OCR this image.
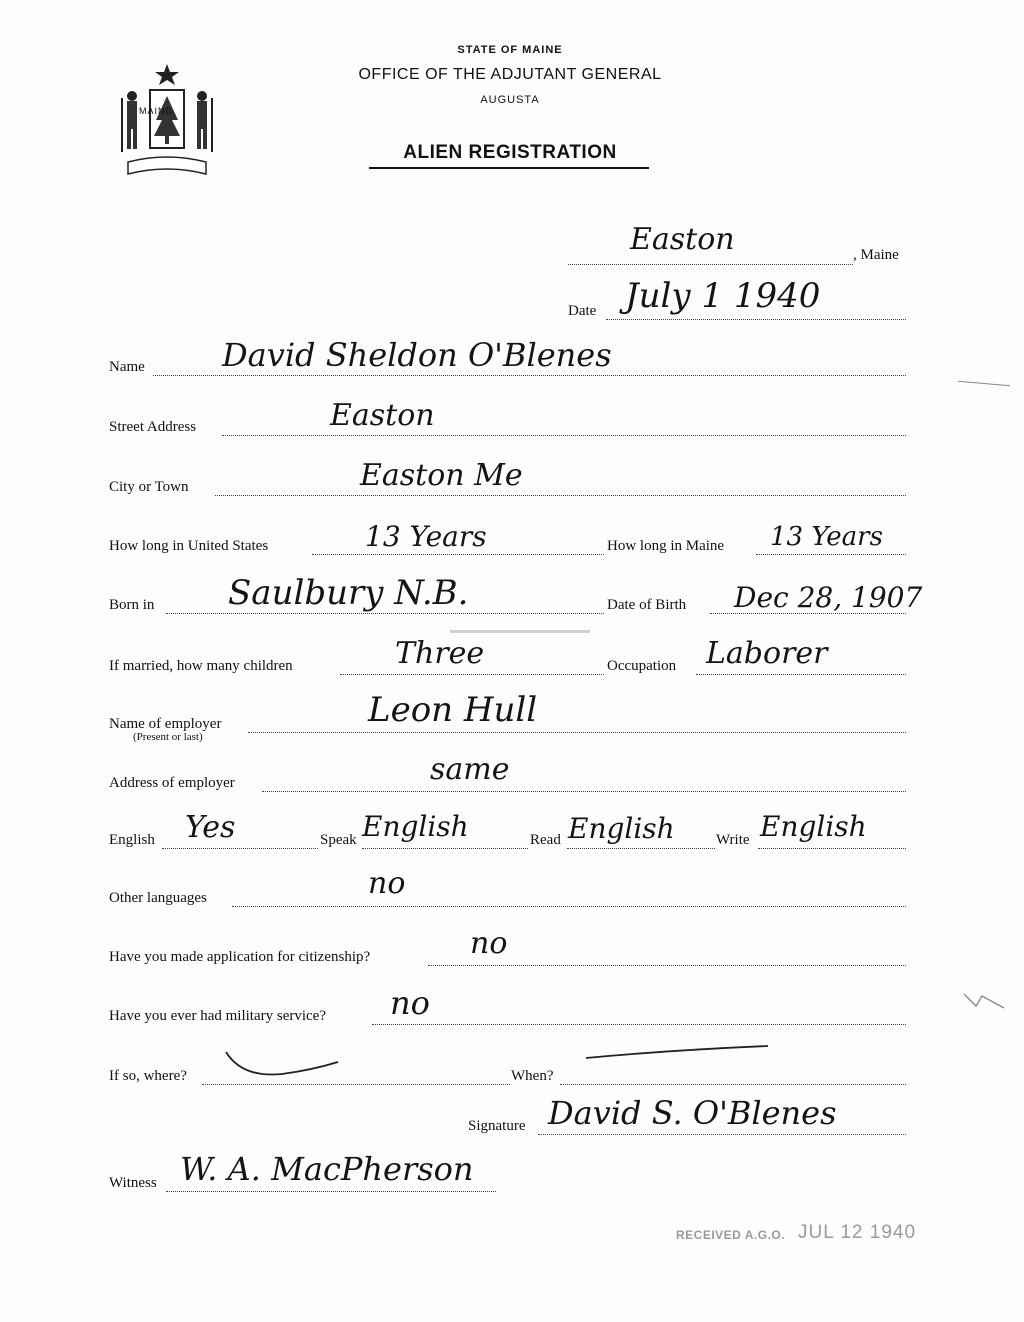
MAINE
STATE OF MAINE
OFFICE OF THE ADJUTANT GENERAL
AUGUSTA
ALIEN REGISTRATION
Easton	, Maine
Date July 1 1940
Name David Sheldon O'Blenes
Street Address	Easton
City or Town	Easton Me
How long in United States	13 Years	How long in Maine 13 Years
Born in Saulbury N.B.	Date of Birth Dec 28, 1907
If married, how many children	Three	Occupation Laborer
Name of employer
(Present or last)
Leon Hull
Address of employer	same
English Yes	Speak English	Read English	Write English
Other languages	no
Have you made application for citizenship?	no
Have you ever had military service? no
If so, where?	When?
Signature David S. O'Blenes
Witness W. A. MacPherson
RECEIVED A.G.O. JUL 12 1940
